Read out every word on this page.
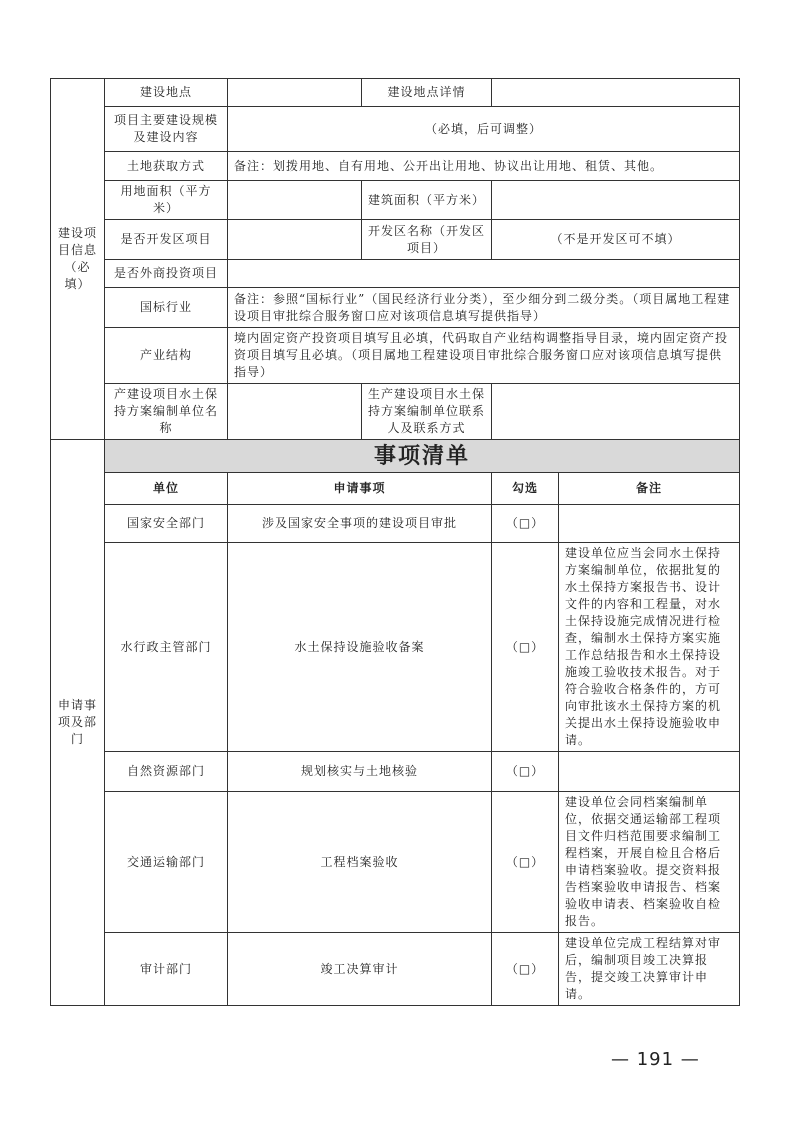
建设项目信息（必填）	建设地点		建设地点详情		
	项目主要建设规模及建设内容	（必填，后可调整）			
	土地获取方式	备注：划拨用地、自有用地、公开出让用地、协议出让用地、租赁、其他。			
	用地面积（平方米）		建筑面积（平方米）		
	是否开发区项目		开发区名称（开发区项目）	（不是开发区可不填）	
	是否外商投资项目				
	国标行业	备注：参照“国标行业”（国民经济行业分类），至少细分到二级分类。（项目属地工程建设项目审批综合服务窗口应对该项信息填写提供指导）			
	产业结构	境内固定资产投资项目填写且必填，代码取自产业结构调整指导目录，境内固定资产投资项目填写且必填。（项目属地工程建设项目审批综合服务窗口应对该项信息填写提供指导）			
	产建设项目水土保持方案编制单位名称		生产建设项目水土保持方案编制单位联系人及联系方式		

申请事项及部门	事项清单				
	单位	申请事项		勾选	备注
	国家安全部门	涉及国家安全事项的建设项目审批		（□）	
	水行政主管部门	水土保持设施验收备案		（□）	建设单位应当会同水土保持方案编制单位，依据批复的水土保持方案报告书、设计文件的内容和工程量，对水土保持设施完成情况进行检查，编制水土保持方案实施工作总结报告和水土保持设施竣工验收技术报告。对于符合验收合格条件的，方可向审批该水土保持方案的机关提出水土保持设施验收申请。
	自然资源部门	规划核实与土地核验		（□）	
	交通运输部门	工程档案验收		（□）	建设单位会同档案编制单位，依据交通运输部工程项目文件归档范围要求编制工程档案，开展自检且合格后申请档案验收。提交资料报告档案验收申请报告、档案验收申请表、档案验收自检报告。
	审计部门	竣工决算审计		（□）	建设单位完成工程结算对审后，编制项目竣工决算报告，提交竣工决算审计申请。
— 191 —
